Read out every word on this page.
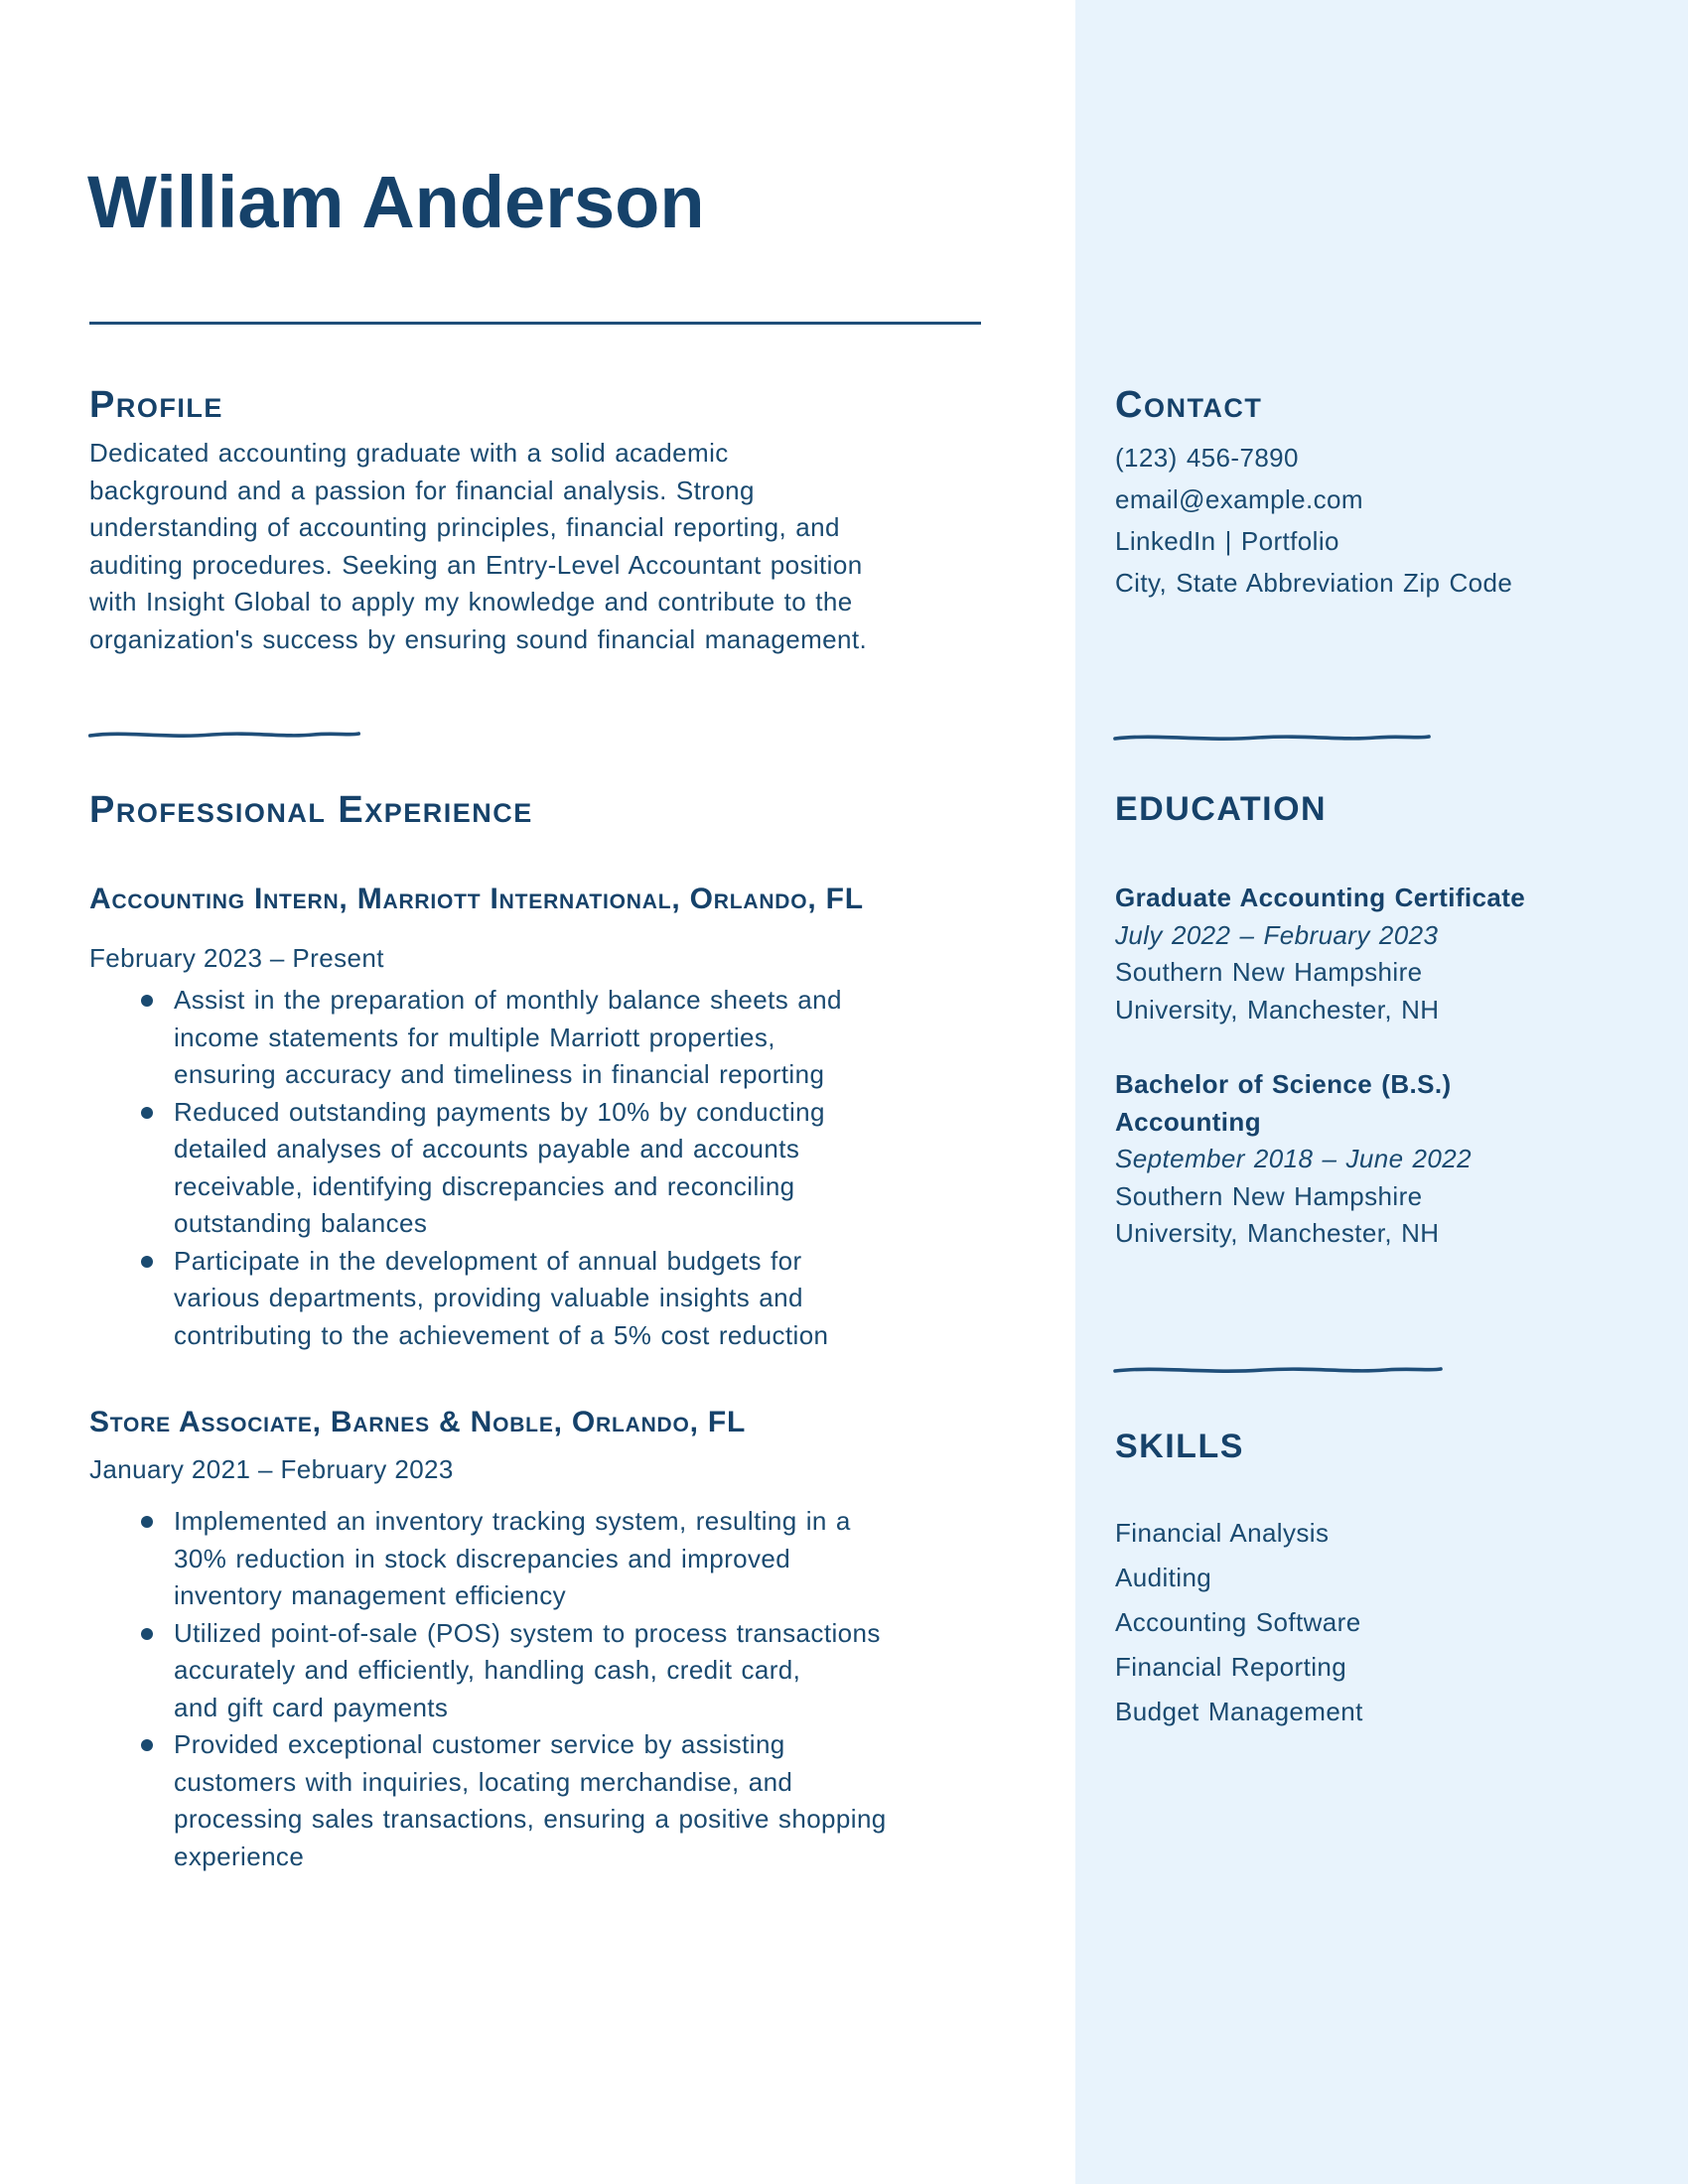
William Anderson
Profile
Dedicated accounting graduate with a solid academic
background and a passion for financial analysis. Strong
understanding of accounting principles, financial reporting, and
auditing procedures. Seeking an Entry-Level Accountant position
with Insight Global to apply my knowledge and contribute to the
organization's success by ensuring sound financial management.
Professional Experience
Accounting Intern, Marriott International, Orlando, FL

February 2023 – Present

Assist in the preparation of monthly balance sheets and
income statements for multiple Marriott properties,
ensuring accuracy and timeliness in financial reporting
Reduced outstanding payments by 10% by conducting
detailed analyses of accounts payable and accounts
receivable, identifying discrepancies and reconciling
outstanding balances
Participate in the development of annual budgets for
various departments, providing valuable insights and
contributing to the achievement of a 5% cost reduction
Store Associate, Barnes & Noble, Orlando, FL

January 2021 – February 2023

Implemented an inventory tracking system, resulting in a
30% reduction in stock discrepancies and improved
inventory management efficiency
Utilized point-of-sale (POS) system to process transactions
accurately and efficiently, handling cash, credit card,
and gift card payments
Provided exceptional customer service by assisting
customers with inquiries, locating merchandise, and
processing sales transactions, ensuring a positive shopping
experience
Contact
(123) 456-7890
email@example.com
LinkedIn | Portfolio
City, State Abbreviation Zip Code
EDUCATION
Graduate Accounting Certificate
July 2022 – February 2023
Southern New Hampshire
University, Manchester, NH
Bachelor of Science (B.S.)
Accounting
September 2018 – June 2022
Southern New Hampshire
University, Manchester, NH
SKILLS
Financial Analysis
Auditing
Accounting Software
Financial Reporting
Budget Management
